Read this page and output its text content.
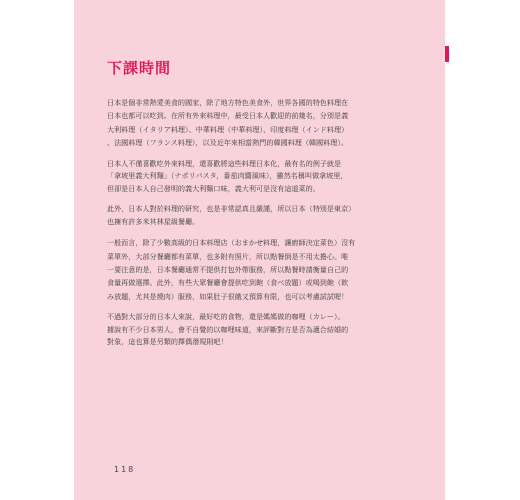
下課時間

日本是個非常熱愛美食的國家，除了地方特色美食外，世界各國的特色料理在
日本也都可以吃到。在所有外來料理中，最受日本人歡迎的前幾名，分別是義
大利料理（イタリア料理）、中華料理（中華料理）、印度料理（インド料理）
、法國料理（フランス料理），以及近年來相當熱門的韓國料理（韓國料理）。

日本人不僅喜歡吃外來料理，還喜歡將這些料理日本化，最有名的例子就是
「拿坡里義大利麵」（ナポリパスタ，番茄肉醬風味），雖然名稱叫做拿坡里，
但卻是日本人自己發明的義大利麵口味，義大利可是沒有這道菜的。

此外，日本人對於料理的研究，也是非常認真且嚴謹，所以日本（特別是東京）
也擁有許多米其林星級餐廳。

一般而言，除了少數高級的日本料理店（おまかせ料理，讓廚師決定菜色）沒有
菜單外，大部分餐廳都有菜單，也多附有照片，所以點餐倒是不用太擔心。唯
一要注意的是，日本餐廳通常不提供打包外帶服務，所以點餐時請衡量自己的
食量再做選擇。此外，有些大眾餐廳會提供吃到飽（食べ放題）或喝到飽（飲
み放題，尤其是燒肉）服務，如果肚子很餓又預算有限，也可以考慮試試喔！

不過對大部分的日本人來說，最好吃的食物，還是媽媽做的咖哩（カレー）。
據說有不少日本男人，會不自覺的以咖哩味道，來評斷對方是否為適合結婚的
對象，這也算是另類的擇偶潛規則吧！

118
